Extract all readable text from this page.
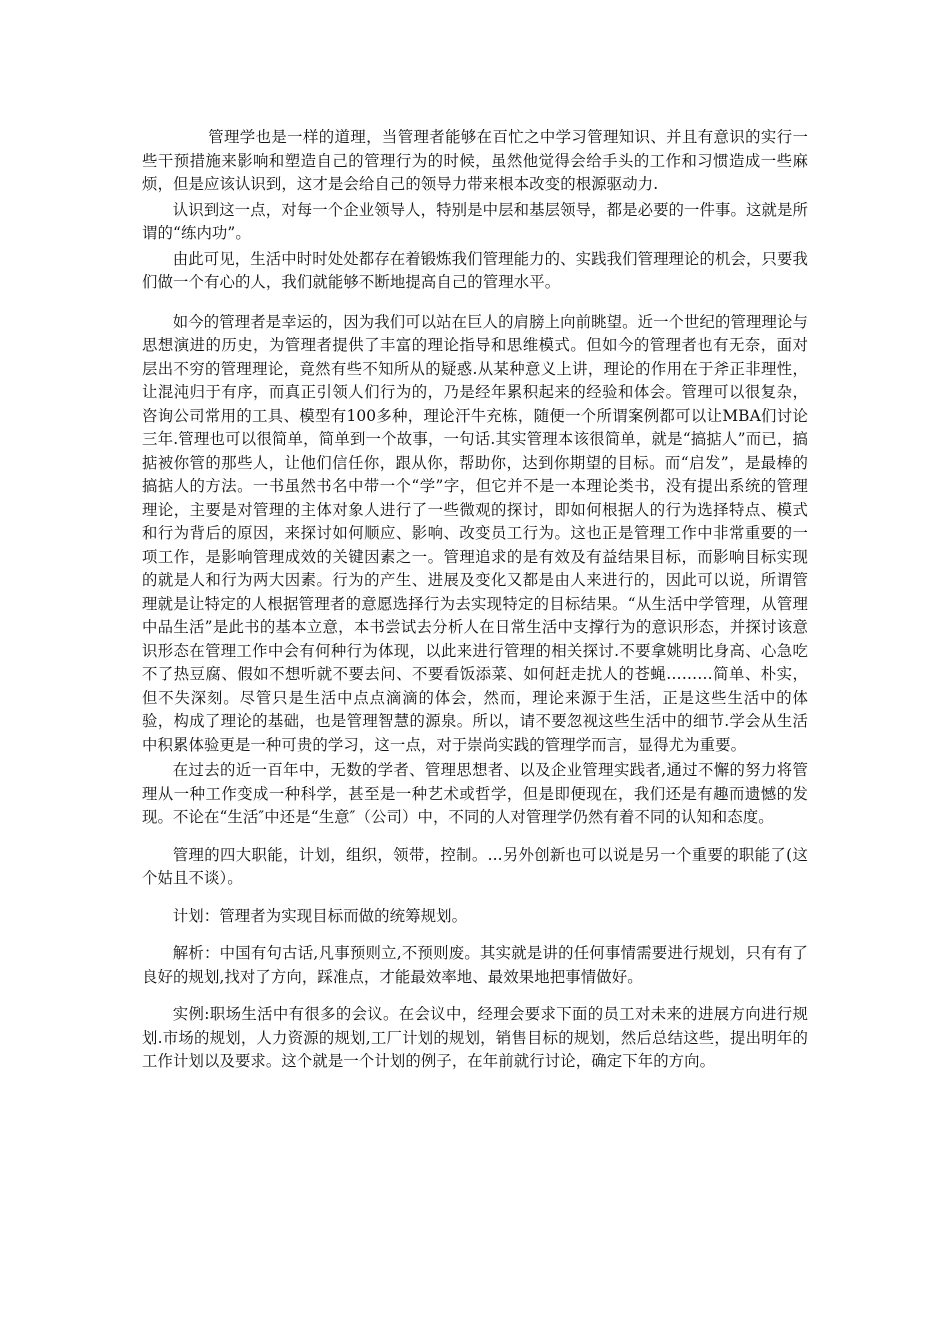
管理学也是一样的道理，当管理者能够在百忙之中学习管理知识、并且有意识的实行一些干预措施来影响和塑造自己的管理行为的时候，虽然他觉得会给手头的工作和习惯造成一些麻烦，但是应该认识到，这才是会给自己的领导力带来根本改变的根源驱动力.

认识到这一点，对每一个企业领导人，特别是中层和基层领导，都是必要的一件事。这就是所谓的“练内功”。

由此可见，生活中时时处处都存在着锻炼我们管理能力的、实践我们管理理论的机会，只要我们做一个有心的人，我们就能够不断地提高自己的管理水平。

如今的管理者是幸运的，因为我们可以站在巨人的肩膀上向前眺望。近一个世纪的管理理论与思想演进的历史，为管理者提供了丰富的理论指导和思维模式。但如今的管理者也有无奈，面对层出不穷的管理理论，竟然有些不知所从的疑惑.从某种意义上讲，理论的作用在于斧正非理性，让混沌归于有序，而真正引领人们行为的，乃是经年累积起来的经验和体会。管理可以很复杂，咨询公司常用的工具、模型有100多种，理论汗牛充栋，随便一个所谓案例都可以让MBA们讨论三年.管理也可以很简单，简单到一个故事，一句话.其实管理本该很简单，就是“搞掂人”而已，搞掂被你管的那些人，让他们信任你，跟从你，帮助你，达到你期望的目标。而“启发”，是最棒的搞掂人的方法。一书虽然书名中带一个“学”字，但它并不是一本理论类书，没有提出系统的管理理论，主要是对管理的主体对象人进行了一些微观的探讨，即如何根据人的行为选择特点、模式和行为背后的原因，来探讨如何顺应、影响、改变员工行为。这也正是管理工作中非常重要的一项工作，是影响管理成效的关键因素之一。管理追求的是有效及有益结果目标，而影响目标实现的就是人和行为两大因素。行为的产生、进展及变化又都是由人来进行的，因此可以说，所谓管理就是让特定的人根据管理者的意愿选择行为去实现特定的目标结果。“从生活中学管理，从管理中品生活”是此书的基本立意，本书尝试去分析人在日常生活中支撑行为的意识形态，并探讨该意识形态在管理工作中会有何种行为体现，以此来进行管理的相关探讨.不要拿姚明比身高、心急吃不了热豆腐、假如不想听就不要去问、不要看饭添菜、如何赶走扰人的苍蝇………简单、朴实，但不失深刻。尽管只是生活中点点滴滴的体会，然而，理论来源于生活，正是这些生活中的体验，构成了理论的基础，也是管理智慧的源泉。所以，请不要忽视这些生活中的细节.学会从生活中积累体验更是一种可贵的学习，这一点，对于崇尚实践的管理学而言，显得尤为重要。

在过去的近一百年中，无数的学者、管理思想者、以及企业管理实践者,通过不懈的努力将管理从一种工作变成一种科学，甚至是一种艺术或哲学，但是即便现在，我们还是有趣而遗憾的发现。不论在“生活″中还是“生意″（公司）中，不同的人对管理学仍然有着不同的认知和态度。

管理的四大职能，计划，组织，领带，控制。...另外创新也可以说是另一个重要的职能了(这个姑且不谈）。

计划：管理者为实现目标而做的统筹规划。

解析：中国有句古话,凡事预则立,不预则废。其实就是讲的任何事情需要进行规划，只有有了良好的规划,找对了方向，踩准点，才能最效率地、最效果地把事情做好。

实例:职场生活中有很多的会议。在会议中，经理会要求下面的员工对未来的进展方向进行规划.市场的规划，人力资源的规划,工厂计划的规划，销售目标的规划，然后总结这些，提出明年的工作计划以及要求。这个就是一个计划的例子，在年前就行讨论，确定下年的方向。
